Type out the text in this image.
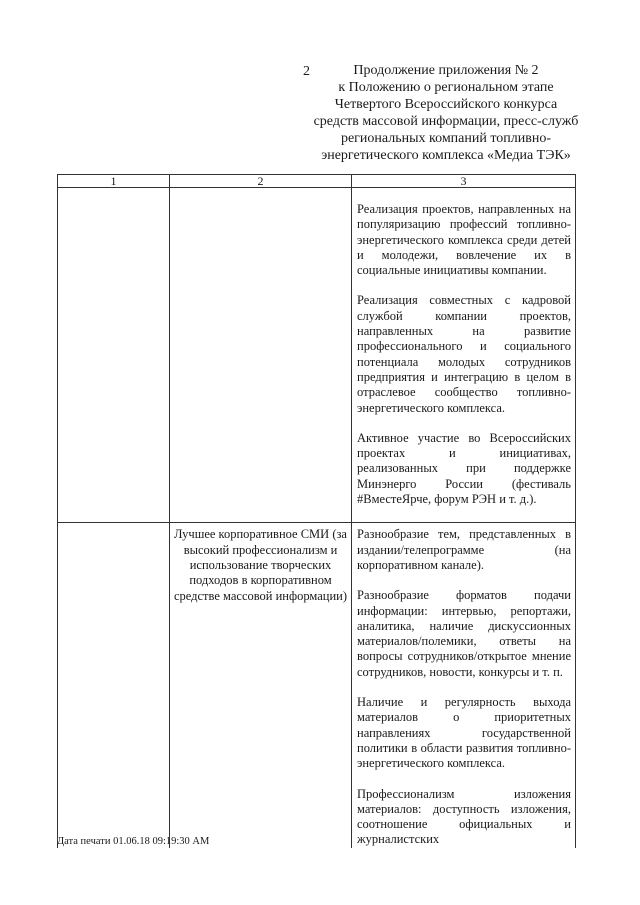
2	Продолжение приложения № 2
к Положению о региональном этапе
Четвертого Всероссийского конкурса
средств массовой информации, пресс-служб
региональных компаний топливно-
энергетического комплекса «Медиа ТЭК»
1	2	3

		Реализация проектов, направленных на популяризацию профессий топливно-энергетического комплекса среди детей и молодежи, вовлечение их в социальные инициативы компании.

Реализация совместных с кадровой службой компании проектов, направленных на развитие профессионального и социального потенциала молодых сотрудников предприятия и интеграцию в целом в отраслевое сообщество топливно-энергетического комплекса.

Активное участие во Всероссийских проектах и инициативах, реализованных при поддержке Минэнерго России (фестиваль #ВместеЯрче, форум РЭН и т. д.).

	Лучшее корпоративное СМИ (за высокий профессионализм и использование творческих подходов в корпоративном средстве массовой информации)	Разнообразие тем, представленных в издании/телепрограмме (на корпоративном канале).

Разнообразие форматов подачи информации: интервью, репортажи, аналитика, наличие дискуссионных материалов/полемики, ответы на вопросы сотрудников/открытое мнение сотрудников, новости, конкурсы и т. п.

Наличие и регулярность выхода материалов о приоритетных направлениях государственной политики в области развития топливно-энергетического комплекса.

Профессионализм изложения материалов: доступность изложения, соотношение официальных и журналистских

Дата печати 01.06.18 09:19:30 AM
